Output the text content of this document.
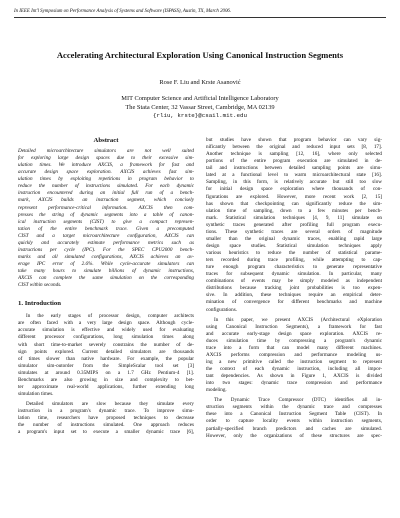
In IEEE Int'l Symposium on Performance Analysis of Systems and Software (ISPASS), Austin, TX, March 2006.
Accelerating Architectural Exploration Using Canonical Instruction Segments
Rose F. Liu and Krste Asanović
MIT Computer Science and Artificial Intelligence Laboratory
The Stata Center, 32 Vassar Street, Cambridge, MA 02139
{rliu, krste}@csail.mit.edu
Abstract
Detailed microarchitecture simulators are not well suited
for exploring large design spaces due to their excessive sim-
ulation times. We introduce AXCIS, a framework for fast and
accurate design space exploration. AXCIS achieves fast sim-
ulation times by exploiting repetitions in program behavior to
reduce the number of instructions simulated. For each dynamic
instruction encountered during an initial full run of a bench-
mark, AXCIS builds an instruction segment, which concisely
represent performance-critical information. AXCIS then com-
presses the string of dynamic segments into a table of canon-
ical instruction segments (CIST) to give a compact represen-
tation of the entire benchmark trace. Given a precomputed
CIST and a target microarchitecture configuration, AXCIS can
quickly and accurately estimate performance metrics such as
instructions per cycle (IPC). For the SPEC CPU2000 bench-
marks and all simulated configurations, AXCIS achieves an av-
erage IPC error of 2.6%. While cycle-accurate simulators can
take many hours to simulate billions of dynamic instructions,
AXCIS can complete the same simulation on the corresponding
CIST within seconds.
1. Introduction
In the early stages of processor design, computer architects
are often faced with a very large design space. Although cycle-
accurate simulation is effective and widely used for evaluating
different processor configurations, long simulation times along
with short time-to-market severely constrains the number of de-
sign points explored. Current detailed simulators are thousands
of times slower than native hardware. For example, the popular
simulator sim-outorder from the SimpleScalar tool set [3]
simulates at around 0.35MIPS on a 1.7 GHz Pentium-4 [1].
Benchmarks are also growing in size and complexity to bet-
ter approximate real-world applications, further extending long
simulation times.
Detailed simulators are slow because they simulate every
instruction in a program's dynamic trace. To improve simu-
lation time, researchers have proposed techniques to decrease
the number of instructions simulated. One approach reduces
a program's input set to execute a smaller dynamic trace [6],
but studies have shown that program behavior can vary sig-
nificantly between the original and reduced input sets [8, 17].
Another technique is sampling [12, 16], where only selected
portions of the entire program execution are simulated in de-
tail and instructions between detailed sampling points are simu-
lated at a functional level to warm microarchitectural state [16].
Sampling, in this form, is relatively accurate but still too slow
for initial design space exploration where thousands of con-
figurations are explored. However, more recent work [2, 15]
has shown that checkpointing can significantly reduce the sim-
ulation time of sampling, down to a few minutes per bench-
mark. Statistical simulation techniques [4, 9, 11] simulate on
synthetic traces generated after profiling full program execu-
tions. These synthetic traces are several orders of magnitude
smaller than the original dynamic traces, enabling rapid large
design space studies. Statistical simulation techniques apply
various heuristics to reduce the number of statistical parame-
ters recorded during trace profiling, while attempting to cap-
ture enough program characteristics to generate representative
traces for subsequent dynamic simulation. In particular, many
combinations of events may be simply modeled as independent
distributions because tracking joint probabilities is too expen-
sive. In addition, these techniques require an empirical deter-
mination of convergence for different benchmarks and machine
configurations.
In this paper, we present AXCIS (Architectural eXploration
using Canonical Instruction Segments), a framework for fast
and accurate early-stage design space exploration. AXCIS re-
duces simulation time by compressing a program's dynamic
trace into a form that can model many different machines.
AXCIS performs compression and performance modeling us-
ing a new primitive called the instruction segment to represent
the context of each dynamic instruction, including all impor-
tant dependencies. As shown in Figure 1, AXCIS is divided
into two stages: dynamic trace compression and performance
modeling.
The Dynamic Trace Compressor (DTC) identifies all in-
struction segments within the dynamic trace and compresses
these into a Canonical Instruction Segment Table (CIST). In
order to capture locality events within instruction segments,
partially-specified branch predictors and caches are simulated.
However, only the organizations of these structures are spec-
